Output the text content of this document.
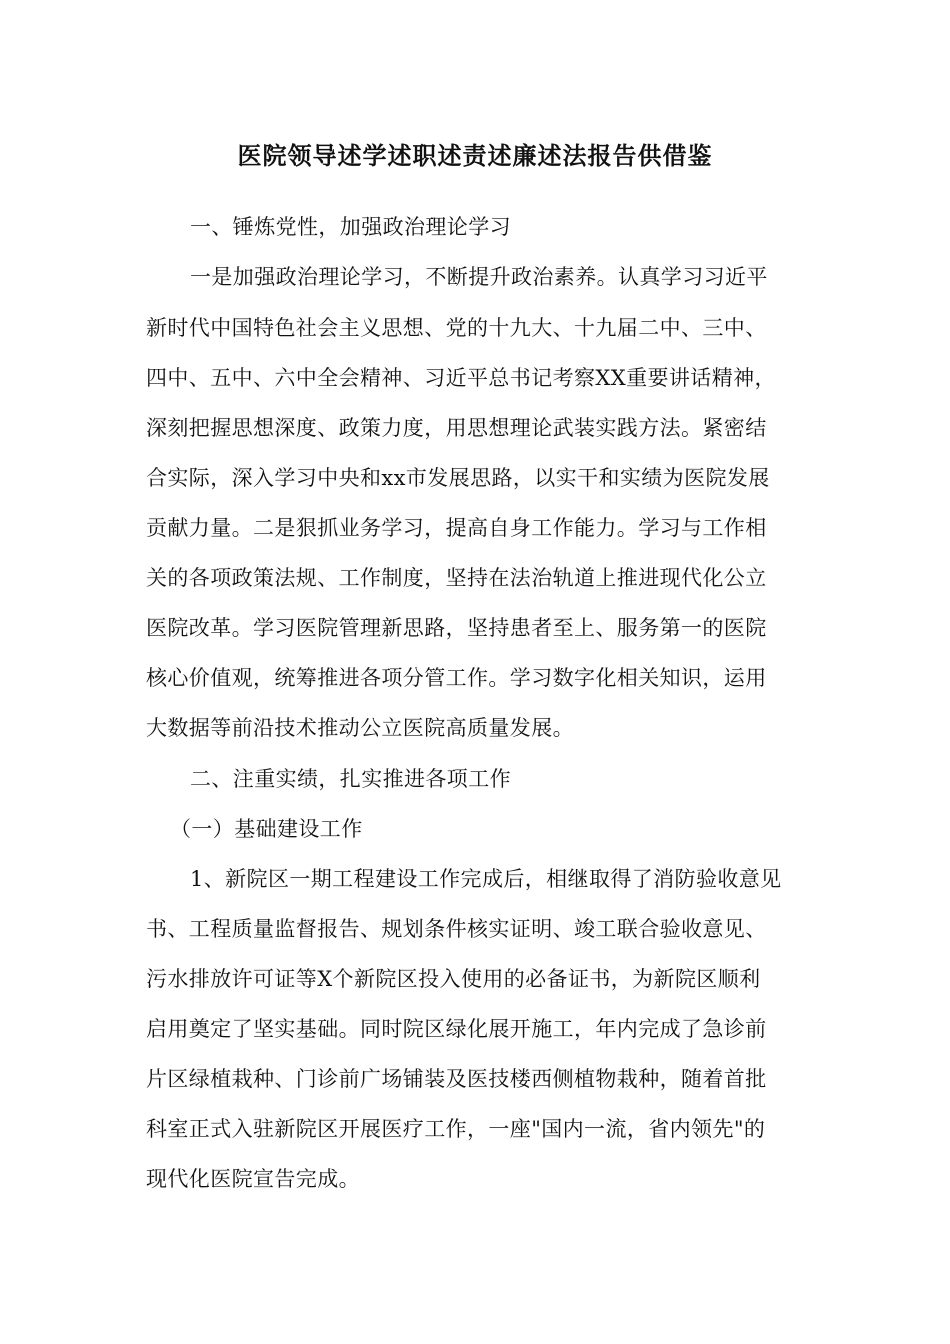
医院领导述学述职述责述廉述法报告供借鉴
一、锤炼党性，加强政治理论学习
一是加强政治理论学习，不断提升政治素养。认真学习习近平
新时代中国特色社会主义思想、党的十九大、十九届二中、三中、
四中、五中、六中全会精神、习近平总书记考察XX重要讲话精神，
深刻把握思想深度、政策力度，用思想理论武装实践方法。紧密结
合实际，深入学习中央和xx市发展思路，以实干和实绩为医院发展
贡献力量。二是狠抓业务学习，提高自身工作能力。学习与工作相
关的各项政策法规、工作制度，坚持在法治轨道上推进现代化公立
医院改革。学习医院管理新思路，坚持患者至上、服务第一的医院
核心价值观，统筹推进各项分管工作。学习数字化相关知识，运用
大数据等前沿技术推动公立医院高质量发展。
二、注重实绩，扎实推进各项工作
（一）基础建设工作
1、新院区一期工程建设工作完成后，相继取得了消防验收意见
书、工程质量监督报告、规划条件核实证明、竣工联合验收意见、
污水排放许可证等X个新院区投入使用的必备证书，为新院区顺利
启用奠定了坚实基础。同时院区绿化展开施工，年内完成了急诊前
片区绿植栽种、门诊前广场铺装及医技楼西侧植物栽种，随着首批
科室正式入驻新院区开展医疗工作，一座"国内一流，省内领先"的
现代化医院宣告完成。
